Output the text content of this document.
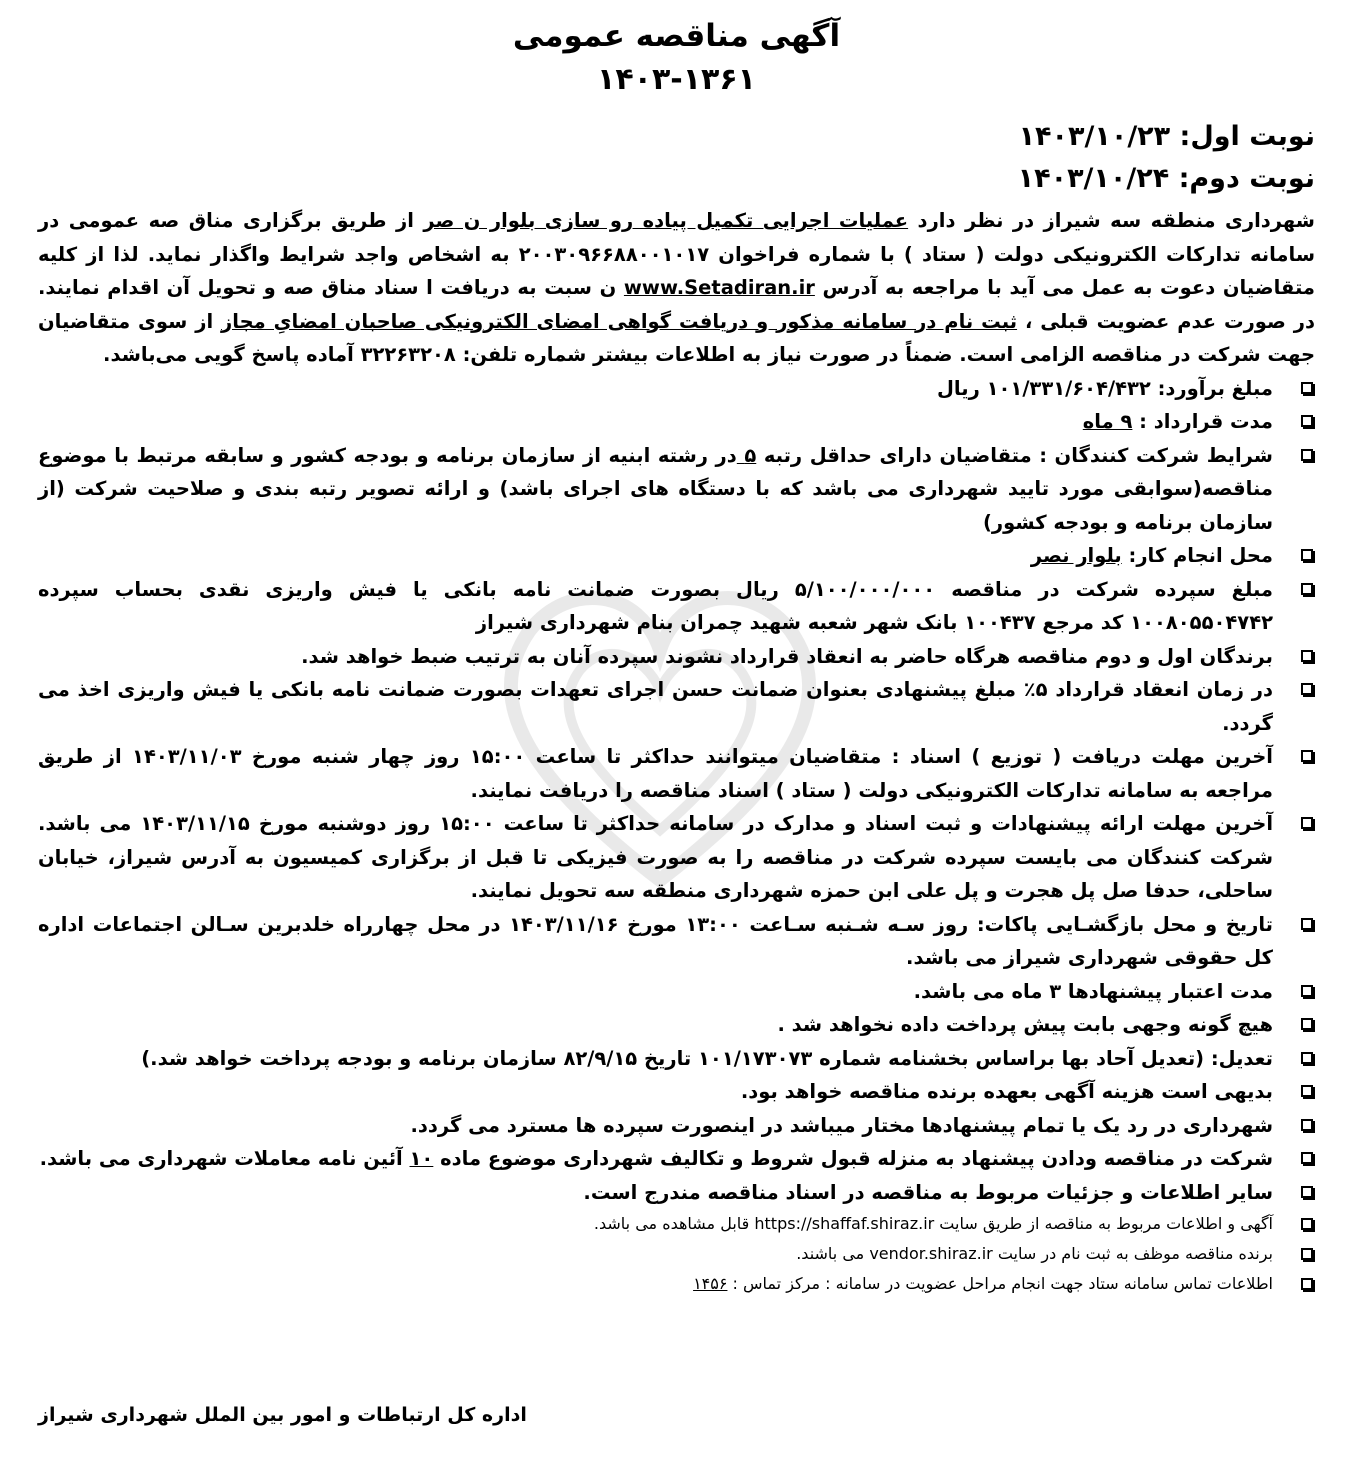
آگهی مناقصه عمومی
۱۴۰۳-۱۳۶۱
نوبت اول: ۱۴۰۳/۱۰/۲۳
نوبت دوم: ۱۴۰۳/۱۰/۲۴

شهرداری منطقه سه شیراز در نظر دارد عملیات اجرایی تکمیل پیاده رو سازی بلوار ن صر از طریق برگزاری مناق صه عمومی در سامانه تدارکات الکترونیکی دولت ( ستاد ) با شماره فراخوان ۲۰۰۳۰۹۶۶۸۸۰۰۱۰۱۷ به اشخاص واجد شرایط واگذار نماید. لذا از کلیه متقاضیان دعوت به عمل می آید با مراجعه به آدرس www.Setadiran.ir ن سبت به دریافت ا سناد مناق صه و تحویل آن اقدام نمایند. در صورت عدم عضویت قبلی ، ثبت نام در سامانه مذکور و دریافت گواهی امضای الکترونیکی صاحبان امضایِ مجاز از سوی متقاضیان جهت شرکت در مناقصه الزامی است. ضمناً در صورت نیاز به اطلاعات بیشتر شماره تلفن: ۳۲۲۶۳۲۰۸ آماده پاسخ گویی می‌باشد.

مبلغ برآورد: ۱۰۱/۳۳۱/۶۰۴/۴۳۲ ریال
مدت قرارداد : ۹ ماه
شرایط شرکت کنندگان : متقاضیان دارای حداقل رتبه ۵ در رشته ابنیه از سازمان برنامه و بودجه کشور و سابقه مرتبط با موضوع مناقصه(سوابقی مورد تایید شهرداری می باشد که با دستگاه های اجرای باشد) و ارائه تصویر رتبه بندی و صلاحیت شرکت (از سازمان برنامه و بودجه کشور)
محل انجام کار: بلوار نصر
مبلغ سپرده شرکت در مناقصه ۵/۱۰۰/۰۰۰/۰۰۰ ریال بصورت ضمانت نامه بانکی یا فیش واریزی نقدی بحساب سپرده ۱۰۰۸۰۵۵۰۴۷۴۲ کد مرجع ۱۰۰۴۳۷ بانک شهر شعبه شهید چمران بنام شهرداری شیراز
برندگان اول و دوم مناقصه هرگاه حاضر به انعقاد قرارداد نشوند سپرده آنان به ترتیب ضبط خواهد شد.
در زمان انعقاد قرارداد ۵٪ مبلغ پیشنهادی بعنوان ضمانت حسن اجرای تعهدات بصورت ضمانت نامه بانکی یا فیش واریزی اخذ می گردد.
آخرین مهلت دریافت ( توزیع ) اسناد : متقاضیان میتوانند حداکثر تا ساعت ۱۵:۰۰ روز چهار شنبه مورخ ۱۴۰۳/۱۱/۰۳ از طریق مراجعه به سامانه تدارکات الکترونیکی دولت ( ستاد ) اسناد مناقصه را دریافت نمایند.
آخرین مهلت ارائه پیشنهادات و ثبت اسناد و مدارک در سامانه حداکثر تا ساعت ۱۵:۰۰ روز دوشنبه مورخ ۱۴۰۳/۱۱/۱۵ می باشد. شرکت کنندگان می بایست سپرده شرکت در مناقصه را به صورت فیزیکی تا قبل از برگزاری کمیسیون به آدرس شیراز، خیابان ساحلی، حدفا صل پل هجرت و پل علی ابن حمزه شهرداری منطقه سه تحویل نمایند.
تاریخ و محل بازگشـایی پاکات: روز سـه شـنبه سـاعت ۱۳:۰۰ مورخ ۱۴۰۳/۱۱/۱۶ در محل چهارراه خلدبرین سـالن اجتماعات اداره کل حقوقی شهرداری شیراز می باشد.
مدت اعتبار پیشنهادها ۳ ماه می باشد.
هیچ گونه وجهی بابت پیش پرداخت داده نخواهد شد .
تعدیل: (تعدیل آحاد بها براساس بخشنامه شماره ۱۰۱/۱۷۳۰۷۳ تاریخ ۸۲/۹/۱۵ سازمان برنامه و بودجه پرداخت خواهد شد.)
بدیهی است هزینه آگهی بعهده برنده مناقصه خواهد بود.
شهرداری در رد یک یا تمام پیشنهادها مختار میباشد در اینصورت سپرده ها مسترد می گردد.
شرکت در مناقصه ودادن پیشنهاد به منزله قبول شروط و تکالیف شهرداری موضوع ماده ۱۰ آئین نامه معاملات شهرداری می باشد.
سایر اطلاعات و جزئیات مربوط به مناقصه در اسناد مناقصه مندرج است.
آگهی و اطلاعات مربوط به مناقصه از طریق سایت https://shaffaf.shiraz.ir قابل مشاهده می باشد.
برنده مناقصه موظف به ثبت نام در سایت vendor.shiraz.ir می باشند.
اطلاعات تماس سامانه ستاد جهت انجام مراحل عضویت در سامانه : مرکز تماس : ۱۴۵۶
اداره کل ارتباطات و امور بین الملل شهرداری شیراز
